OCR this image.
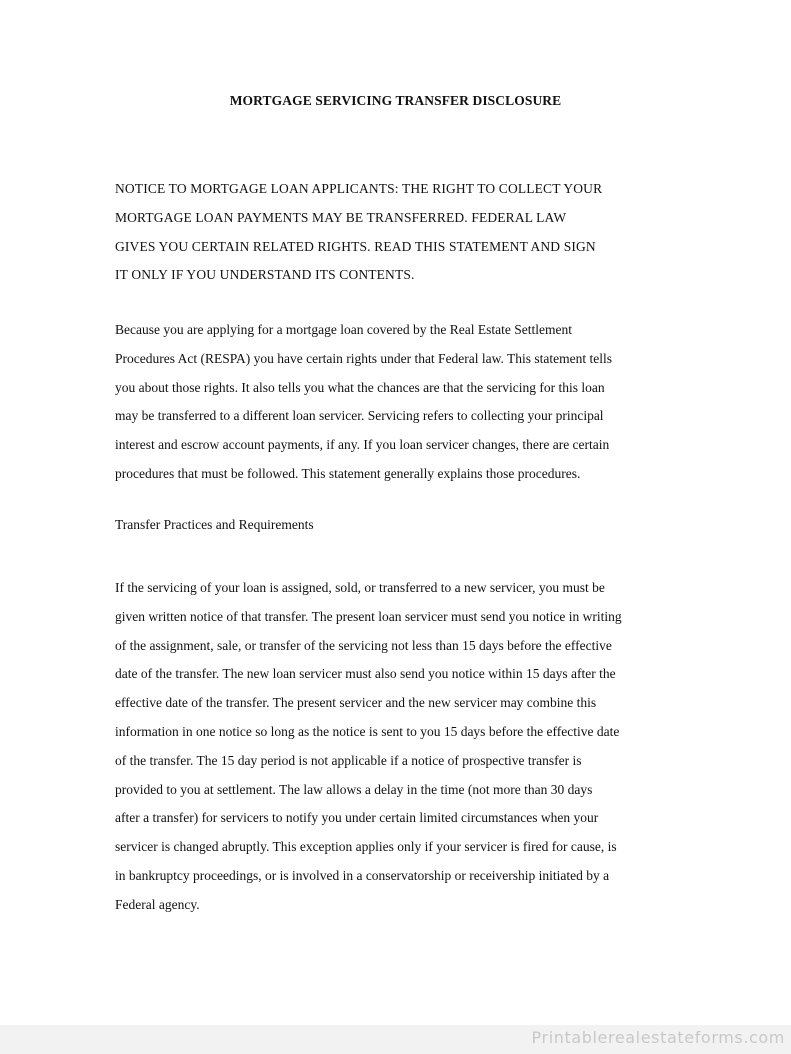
MORTGAGE SERVICING TRANSFER DISCLOSURE
NOTICE TO MORTGAGE LOAN APPLICANTS: THE RIGHT TO COLLECT YOUR
MORTGAGE LOAN PAYMENTS MAY BE TRANSFERRED. FEDERAL LAW
GIVES YOU CERTAIN RELATED RIGHTS. READ THIS STATEMENT AND SIGN
IT ONLY IF YOU UNDERSTAND ITS CONTENTS.
Because you are applying for a mortgage loan covered by the Real Estate Settlement
Procedures Act (RESPA) you have certain rights under that Federal law. This statement tells
you about those rights. It also tells you what the chances are that the servicing for this loan
may be transferred to a different loan servicer. Servicing refers to collecting your principal
interest and escrow account payments, if any. If you loan servicer changes, there are certain
procedures that must be followed. This statement generally explains those procedures.
Transfer Practices and Requirements
If the servicing of your loan is assigned, sold, or transferred to a new servicer, you must be
given written notice of that transfer. The present loan servicer must send you notice in writing
of the assignment, sale, or transfer of the servicing not less than 15 days before the effective
date of the transfer. The new loan servicer must also send you notice within 15 days after the
effective date of the transfer. The present servicer and the new servicer may combine this
information in one notice so long as the notice is sent to you 15 days before the effective date
of the transfer. The 15 day period is not applicable if a notice of prospective transfer is
provided to you at settlement. The law allows a delay in the time (not more than 30 days
after a transfer) for servicers to notify you under certain limited circumstances when your
servicer is changed abruptly. This exception applies only if your servicer is fired for cause, is
in bankruptcy proceedings, or is involved in a conservatorship or receivership initiated by a
Federal agency.
Printablerealestateforms.com
